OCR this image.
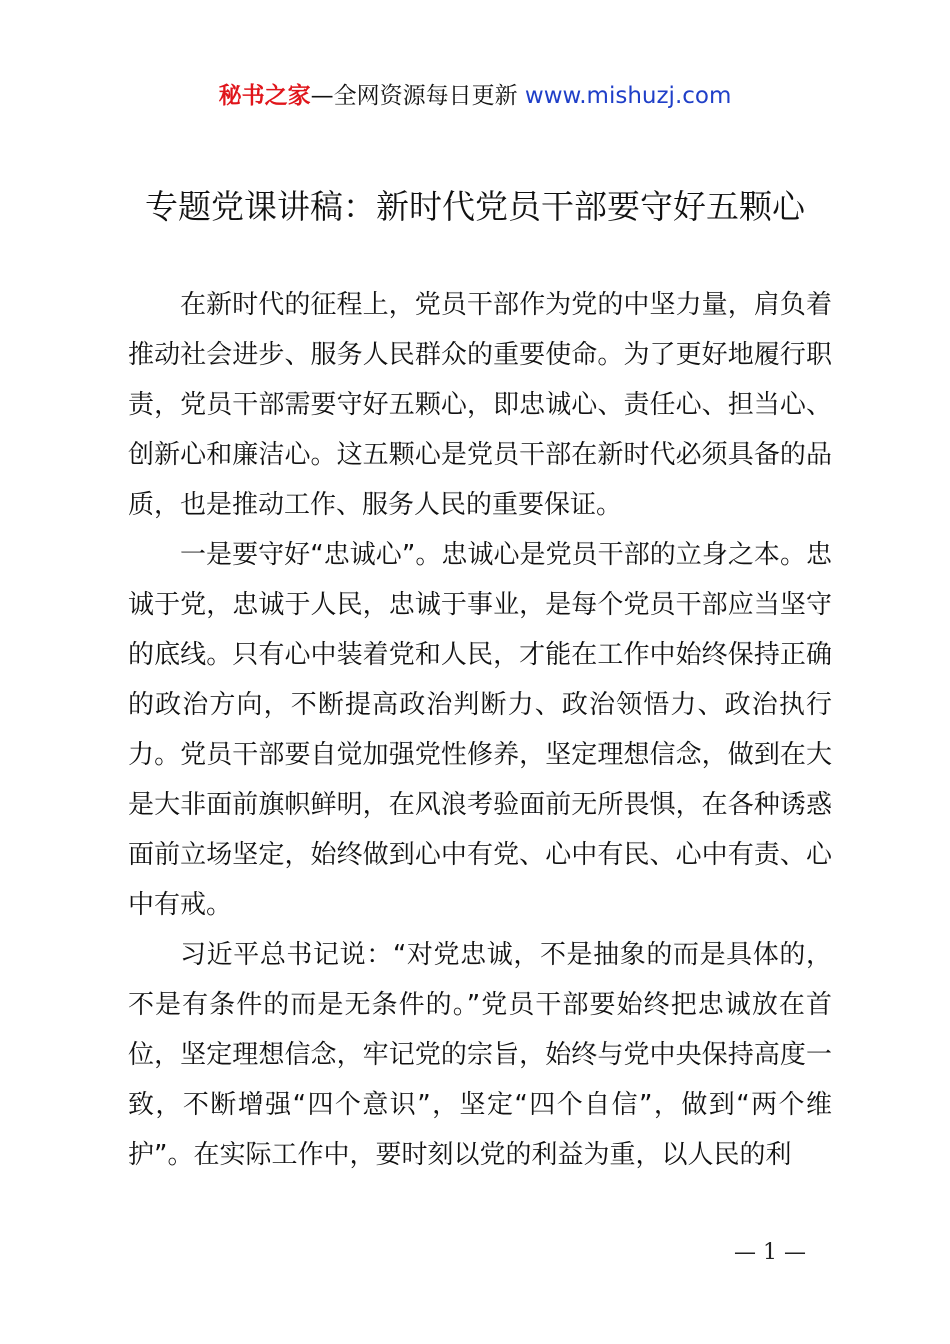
秘书之家—全网资源每日更新 www.mishuzj.com
专题党课讲稿：新时代党员干部要守好五颗心

在新时代的征程上，党员干部作为党的中坚力量，肩负着推动社会进步、服务人民群众的重要使命。为了更好地履行职责，党员干部需要守好五颗心，即忠诚心、责任心、担当心、创新心和廉洁心。这五颗心是党员干部在新时代必须具备的品质，也是推动工作、服务人民的重要保证。

一是要守好“忠诚心”。忠诚心是党员干部的立身之本。忠诚于党，忠诚于人民，忠诚于事业，是每个党员干部应当坚守的底线。只有心中装着党和人民，才能在工作中始终保持正确的政治方向，不断提高政治判断力、政治领悟力、政治执行力。党员干部要自觉加强党性修养，坚定理想信念，做到在大是大非面前旗帜鲜明，在风浪考验面前无所畏惧，在各种诱惑面前立场坚定，始终做到心中有党、心中有民、心中有责、心中有戒。

习近平总书记说：“对党忠诚，不是抽象的而是具体的，不是有条件的而是无条件的。”党员干部要始终把忠诚放在首位，坚定理想信念，牢记党的宗旨，始终与党中央保持高度一致，不断增强“四个意识”，坚定“四个自信”，做到“两个维护”。在实际工作中，要时刻以党的利益为重，以人民的利

— 1 —
